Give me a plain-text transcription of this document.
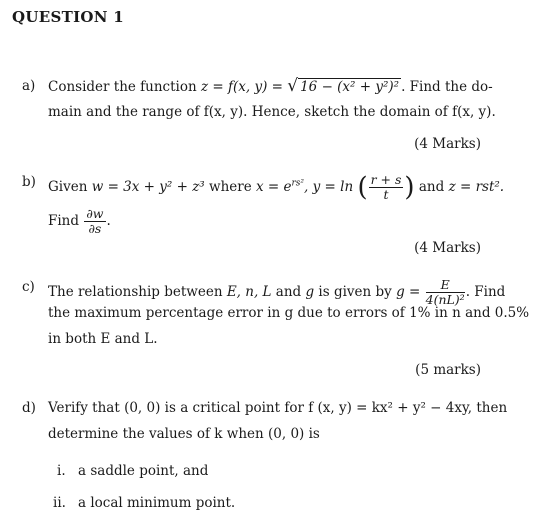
QUESTION 1
a) Consider the function z = f(x, y) = √ 16 − (x² + y²)² . Find the do-
main and the range of f(x, y). Hence, sketch the domain of f(x, y).
(4 Marks)
b) Given w = 3x + y² + z³ where $x = e^{rs^2}$, y = ln ( $\frac{r + s}{t}$ ) and z = rst².
Find $\frac{\partial w}{\partial s}$ .
(4 Marks)
c) The relationship between E, n, L and g is given by $g = \frac{E}{\text{4(nL)²}}$ . Find
the maximum percentage error in g due to errors of 1% in n and 0.5%
in both E and L.
(5 marks)
d) Verify that (0, 0) is a critical point for f (x, y) = kx² + y² − 4xy, then
determine the values of k when (0, 0) is
i. a saddle point, and
ii. a local minimum point.
